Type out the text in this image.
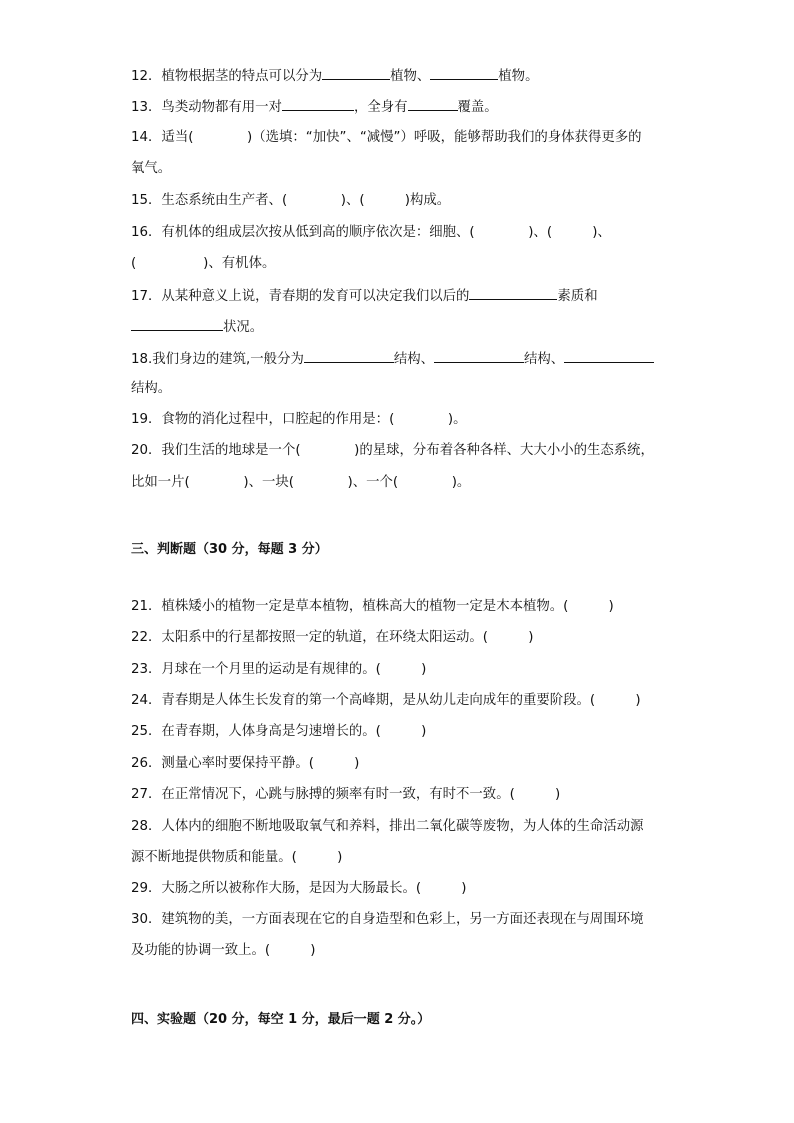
12．植物根据茎的特点可以分为	植物、	植物。
13．鸟类动物都有用一对	，全身有	覆盖。
14．适当(　　　　)（选填：“加快”、“减慢”）呼吸，能够帮助我们的身体获得更多的
氧气。
15．生态系统由生产者、(　　　　)、(　　　)构成。
16．有机体的组成层次按从低到高的顺序依次是：细胞、(　　　　)、(　　　)、
(　　　　　)、有机体。
17．从某种意义上说，青春期的发育可以决定我们以后的	素质和
状况。
18.我们身边的建筑,一般分为	结构、	结构、
结构。
19．食物的消化过程中，口腔起的作用是：(　　　　)。
20．我们生活的地球是一个(　　　　)的星球，分布着各种各样、大大小小的生态系统，
比如一片(　　　　)、一块(　　　　)、一个(　　　　)。
三、判断题（30 分，每题 3 分）
21．植株矮小的植物一定是草本植物，植株高大的植物一定是木本植物。(　　　)
22．太阳系中的行星都按照一定的轨道，在环绕太阳运动。(　　　)
23．月球在一个月里的运动是有规律的。(　　　)
24．青春期是人体生长发育的第一个高峰期，是从幼儿走向成年的重要阶段。(　　　)
25．在青春期，人体身高是匀速增长的。(　　　)
26．测量心率时要保持平静。(　　　)
27．在正常情况下，心跳与脉搏的频率有时一致，有时不一致。(　　　)
28．人体内的细胞不断地吸取氧气和养料，排出二氧化碳等废物，为人体的生命活动源
源不断地提供物质和能量。(　　　)
29．大肠之所以被称作大肠，是因为大肠最长。(　　　)
30．建筑物的美，一方面表现在它的自身造型和色彩上，另一方面还表现在与周围环境
及功能的协调一致上。(　　　)
四、实验题（20 分，每空 1 分，最后一题 2 分。）
